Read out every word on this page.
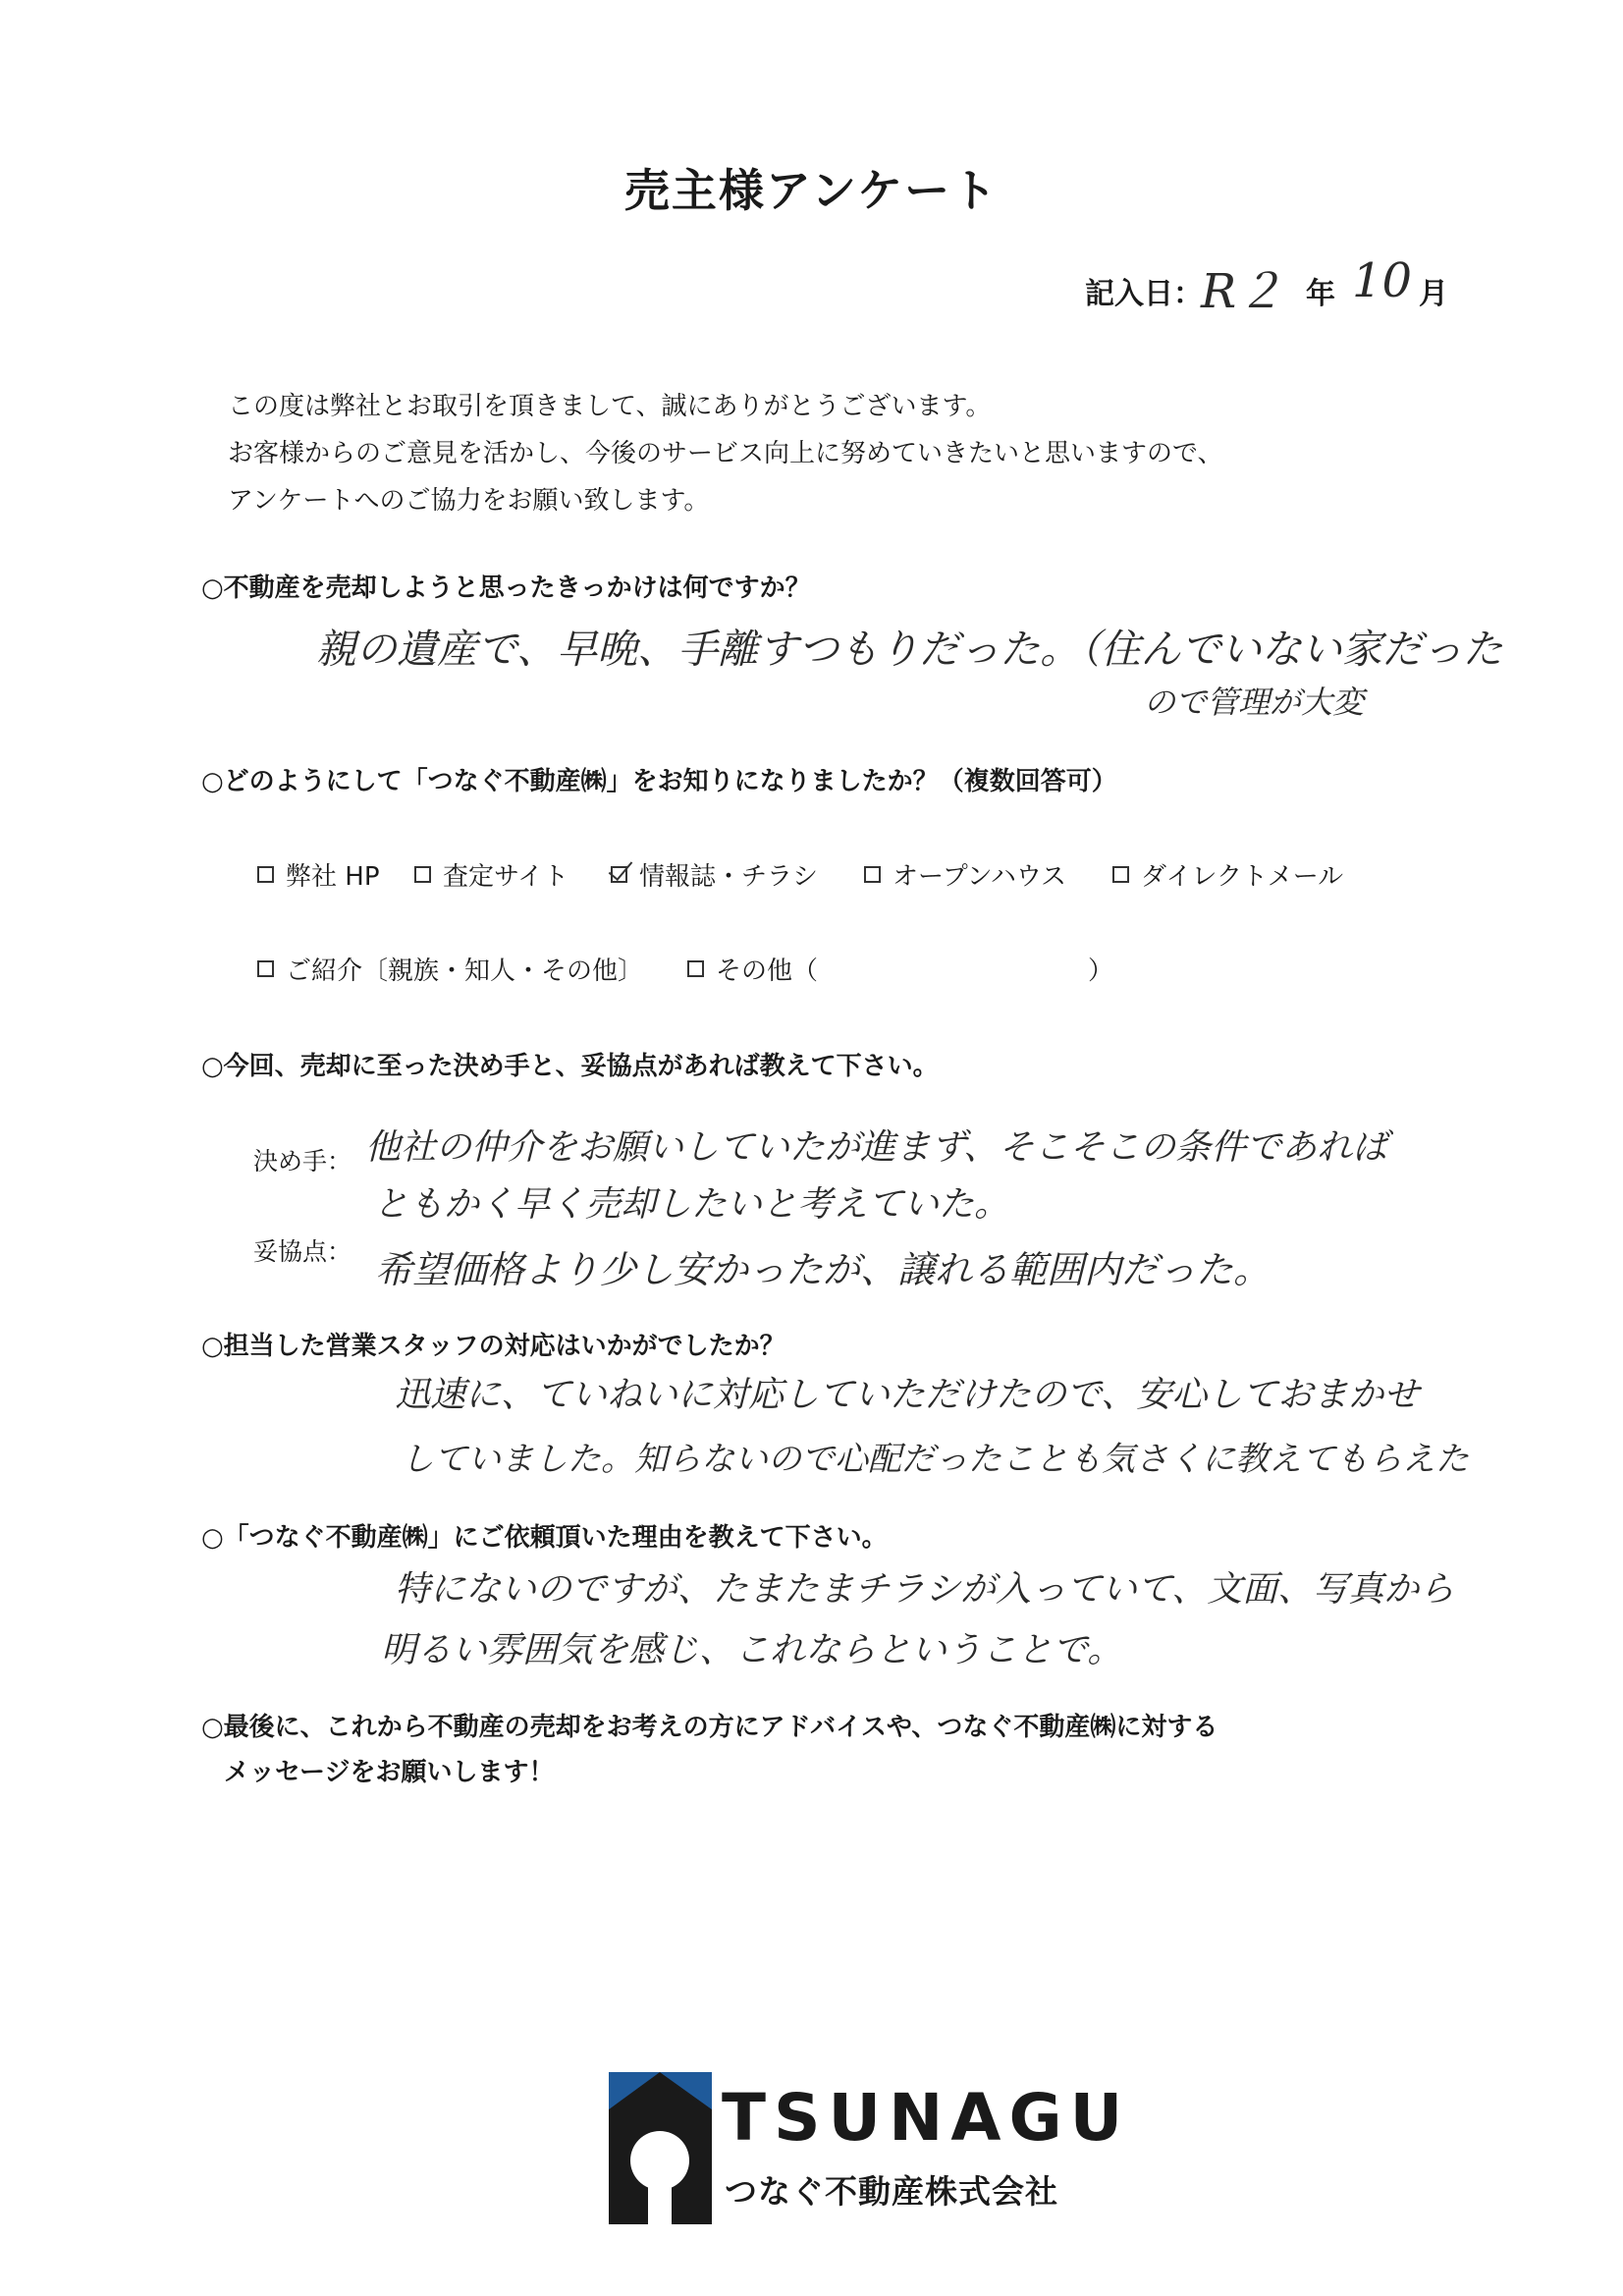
売主様アンケート
記入日：
R２ 年 10 月
この度は弊社とお取引を頂きまして、誠にありがとうございます。
お客様からのご意見を活かし、今後のサービス向上に努めていきたいと思いますので、
アンケートへのご協力をお願い致します。
○不動産を売却しようと思ったきっかけは何ですか？
親の遺産で、早晩、手離すつもりだった。（住んでいない家だった
ので管理が大変
○どのようにして「つなぐ不動産㈱」をお知りになりましたか？（複数回答可）
弊社 HP 査定サイト	情報誌・チラシ	オープンハウス	ダイレクトメール
ご紹介〔親族・知人・その他〕	その他（	）
○今回、売却に至った決め手と、妥協点があれば教えて下さい。
決め手： 他社の仲介をお願いしていたが進まず、そこそこの条件であれば
ともかく早く売却したいと考えていた。
妥協点： 希望価格より少し安かったが、譲れる範囲内だった。
○担当した営業スタッフの対応はいかがでしたか？
迅速に、ていねいに対応していただけたので、安心しておまかせ
していました。知らないので心配だったことも気さくに教えてもらえた
○「つなぐ不動産㈱」にご依頼頂いた理由を教えて下さい。
特にないのですが、たまたまチラシが入っていて、文面、写真から
明るい雰囲気を感じ、これならということで。
○最後に、これから不動産の売却をお考えの方にアドバイスや、つなぐ不動産㈱に対する
メッセージをお願いします！
TSUNAGU
つなぐ不動産株式会社
